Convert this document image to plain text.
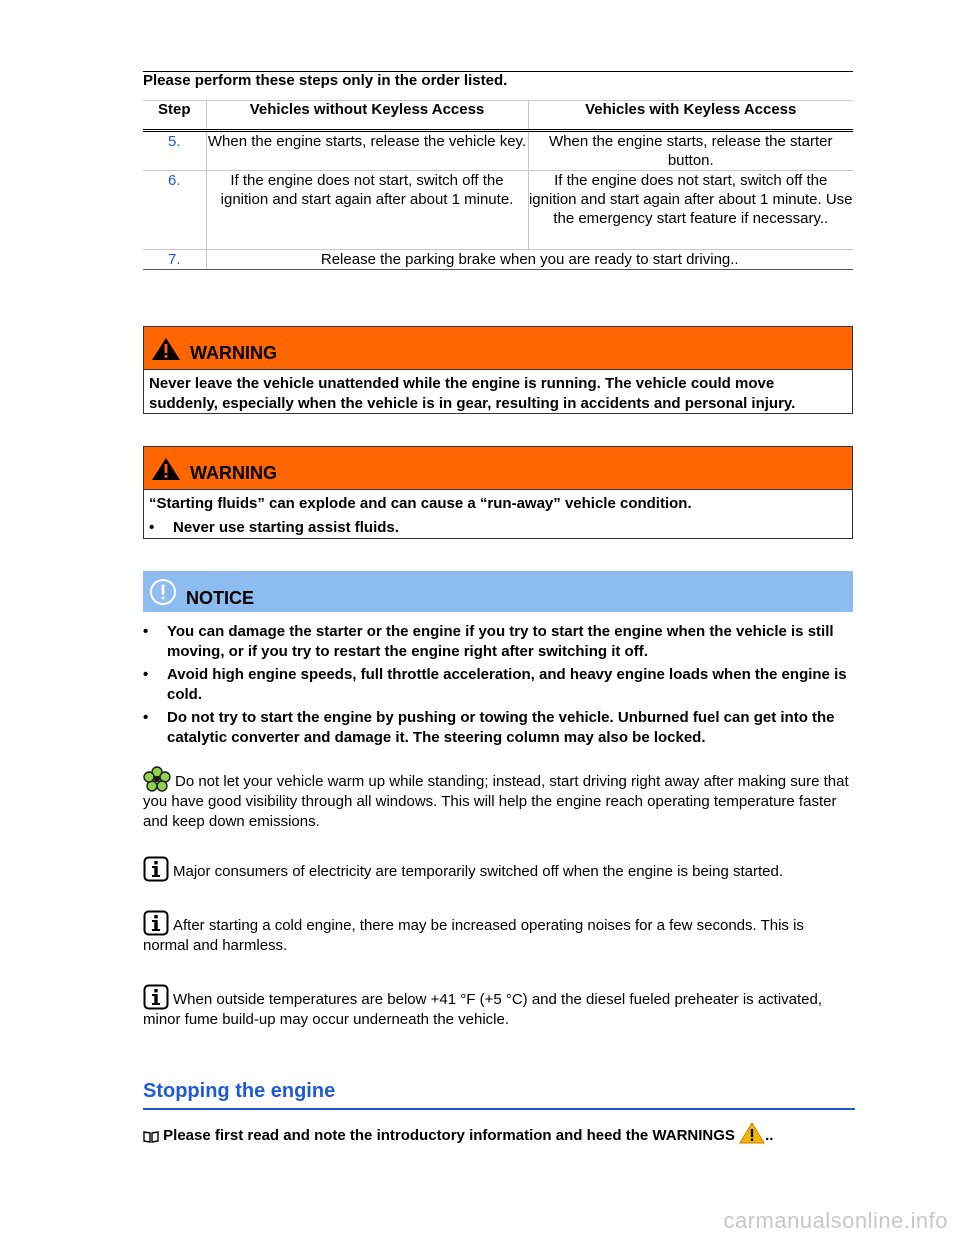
Please perform these steps only in the order listed.		
Step	Vehicles without Keyless Access	Vehicles with Keyless Access
5.	When the engine starts, release the vehicle key.	When the engine starts, release the starter button.
6.	If the engine does not start, switch off the ignition and start again after about 1 minute.	If the engine does not start, switch off the ignition and start again after about 1 minute. Use the emergency start feature if necessary..
7.	Release the parking brake when you are ready to start driving..	
WARNING

Never leave the vehicle unattended while the engine is running. The vehicle could move suddenly, especially when the vehicle is in gear, resulting in accidents and personal injury.

WARNING

“Starting fluids” can explode and can cause a “run-away” vehicle condition.

•	Never use starting assist fluids.
NOTICE
•	You can damage the starter or the engine if you try to start the engine when the vehicle is still moving, or if you try to restart the engine right after switching it off.
•	Avoid high engine speeds, full throttle acceleration, and heavy engine loads when the engine is cold.
•	Do not try to start the engine by pushing or towing the vehicle. Unburned fuel can get into the catalytic converter and damage it. The steering column may also be locked.
Do not let your vehicle warm up while standing; instead, start driving right away after making sure that you have good visibility through all windows. This will help the engine reach operating temperature faster and keep down emissions.
Major consumers of electricity are temporarily switched off when the engine is being started.
After starting a cold engine, there may be increased operating noises for a few seconds. This is normal and harmless.
When outside temperatures are below +41 °F (+5 °C) and the diesel fueled preheater is activated, minor fume build-up may occur underneath the vehicle.
Stopping the engine
Please first read and note the introductory information and heed the WARNINGS ..
carmanualsonline.info
